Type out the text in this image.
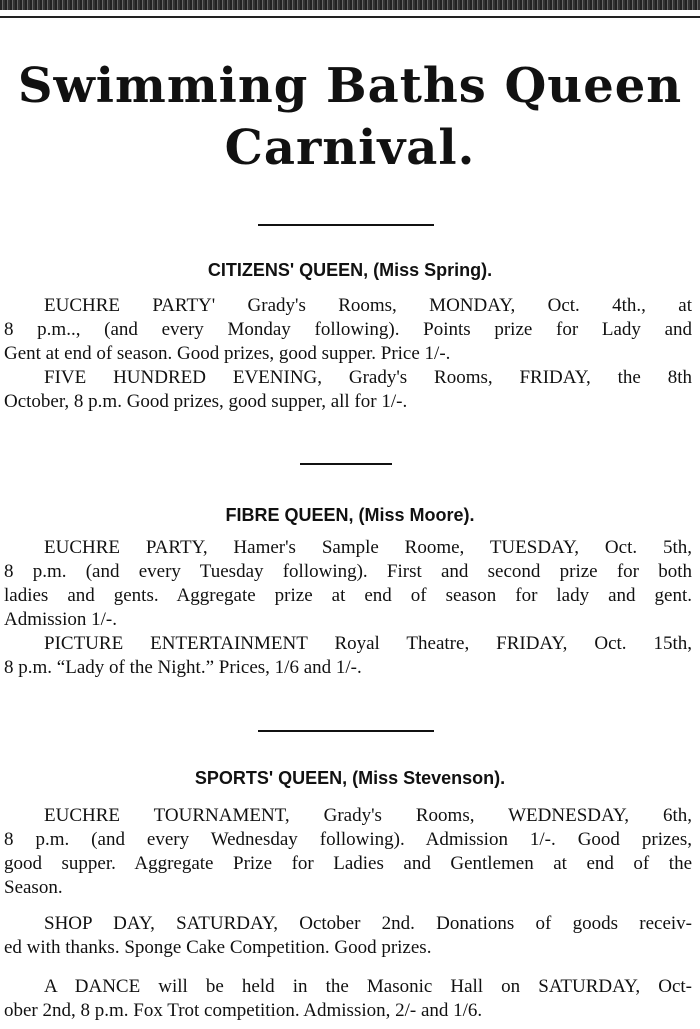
Swimming Baths Queen
Carnival.
CITIZENS' QUEEN, (Miss Spring).

EUCHRE PARTY' Grady's Rooms, MONDAY, Oct. 4th., at
8 p.m.., (and every Monday following). Points prize for Lady and
Gent at end of season. Good prizes, good supper. Price 1/-.

FIVE HUNDRED EVENING, Grady's Rooms, FRIDAY, the 8th
October, 8 p.m. Good prizes, good supper, all for 1/-.

FIBRE QUEEN, (Miss Moore).

EUCHRE PARTY, Hamer's Sample Roome, TUESDAY, Oct. 5th,
8 p.m. (and every Tuesday following). First and second prize for both
ladies and gents. Aggregate prize at end of season for lady and gent.
Admission 1/-.

PICTURE ENTERTAINMENT Royal Theatre, FRIDAY, Oct. 15th,
8 p.m. “Lady of the Night.” Prices, 1/6 and 1/-.

SPORTS' QUEEN, (Miss Stevenson).

EUCHRE TOURNAMENT, Grady's Rooms, WEDNESDAY, 6th,
8 p.m. (and every Wednesday following). Admission 1/-. Good prizes,
good supper. Aggregate Prize for Ladies and Gentlemen at end of the
Season.

SHOP DAY, SATURDAY, October 2nd. Donations of goods receiv-
ed with thanks. Sponge Cake Competition. Good prizes.

A DANCE will be held in the Masonic Hall on SATURDAY, Oct-
ober 2nd, 8 p.m. Fox Trot competition. Admission, 2/- and 1/6.
